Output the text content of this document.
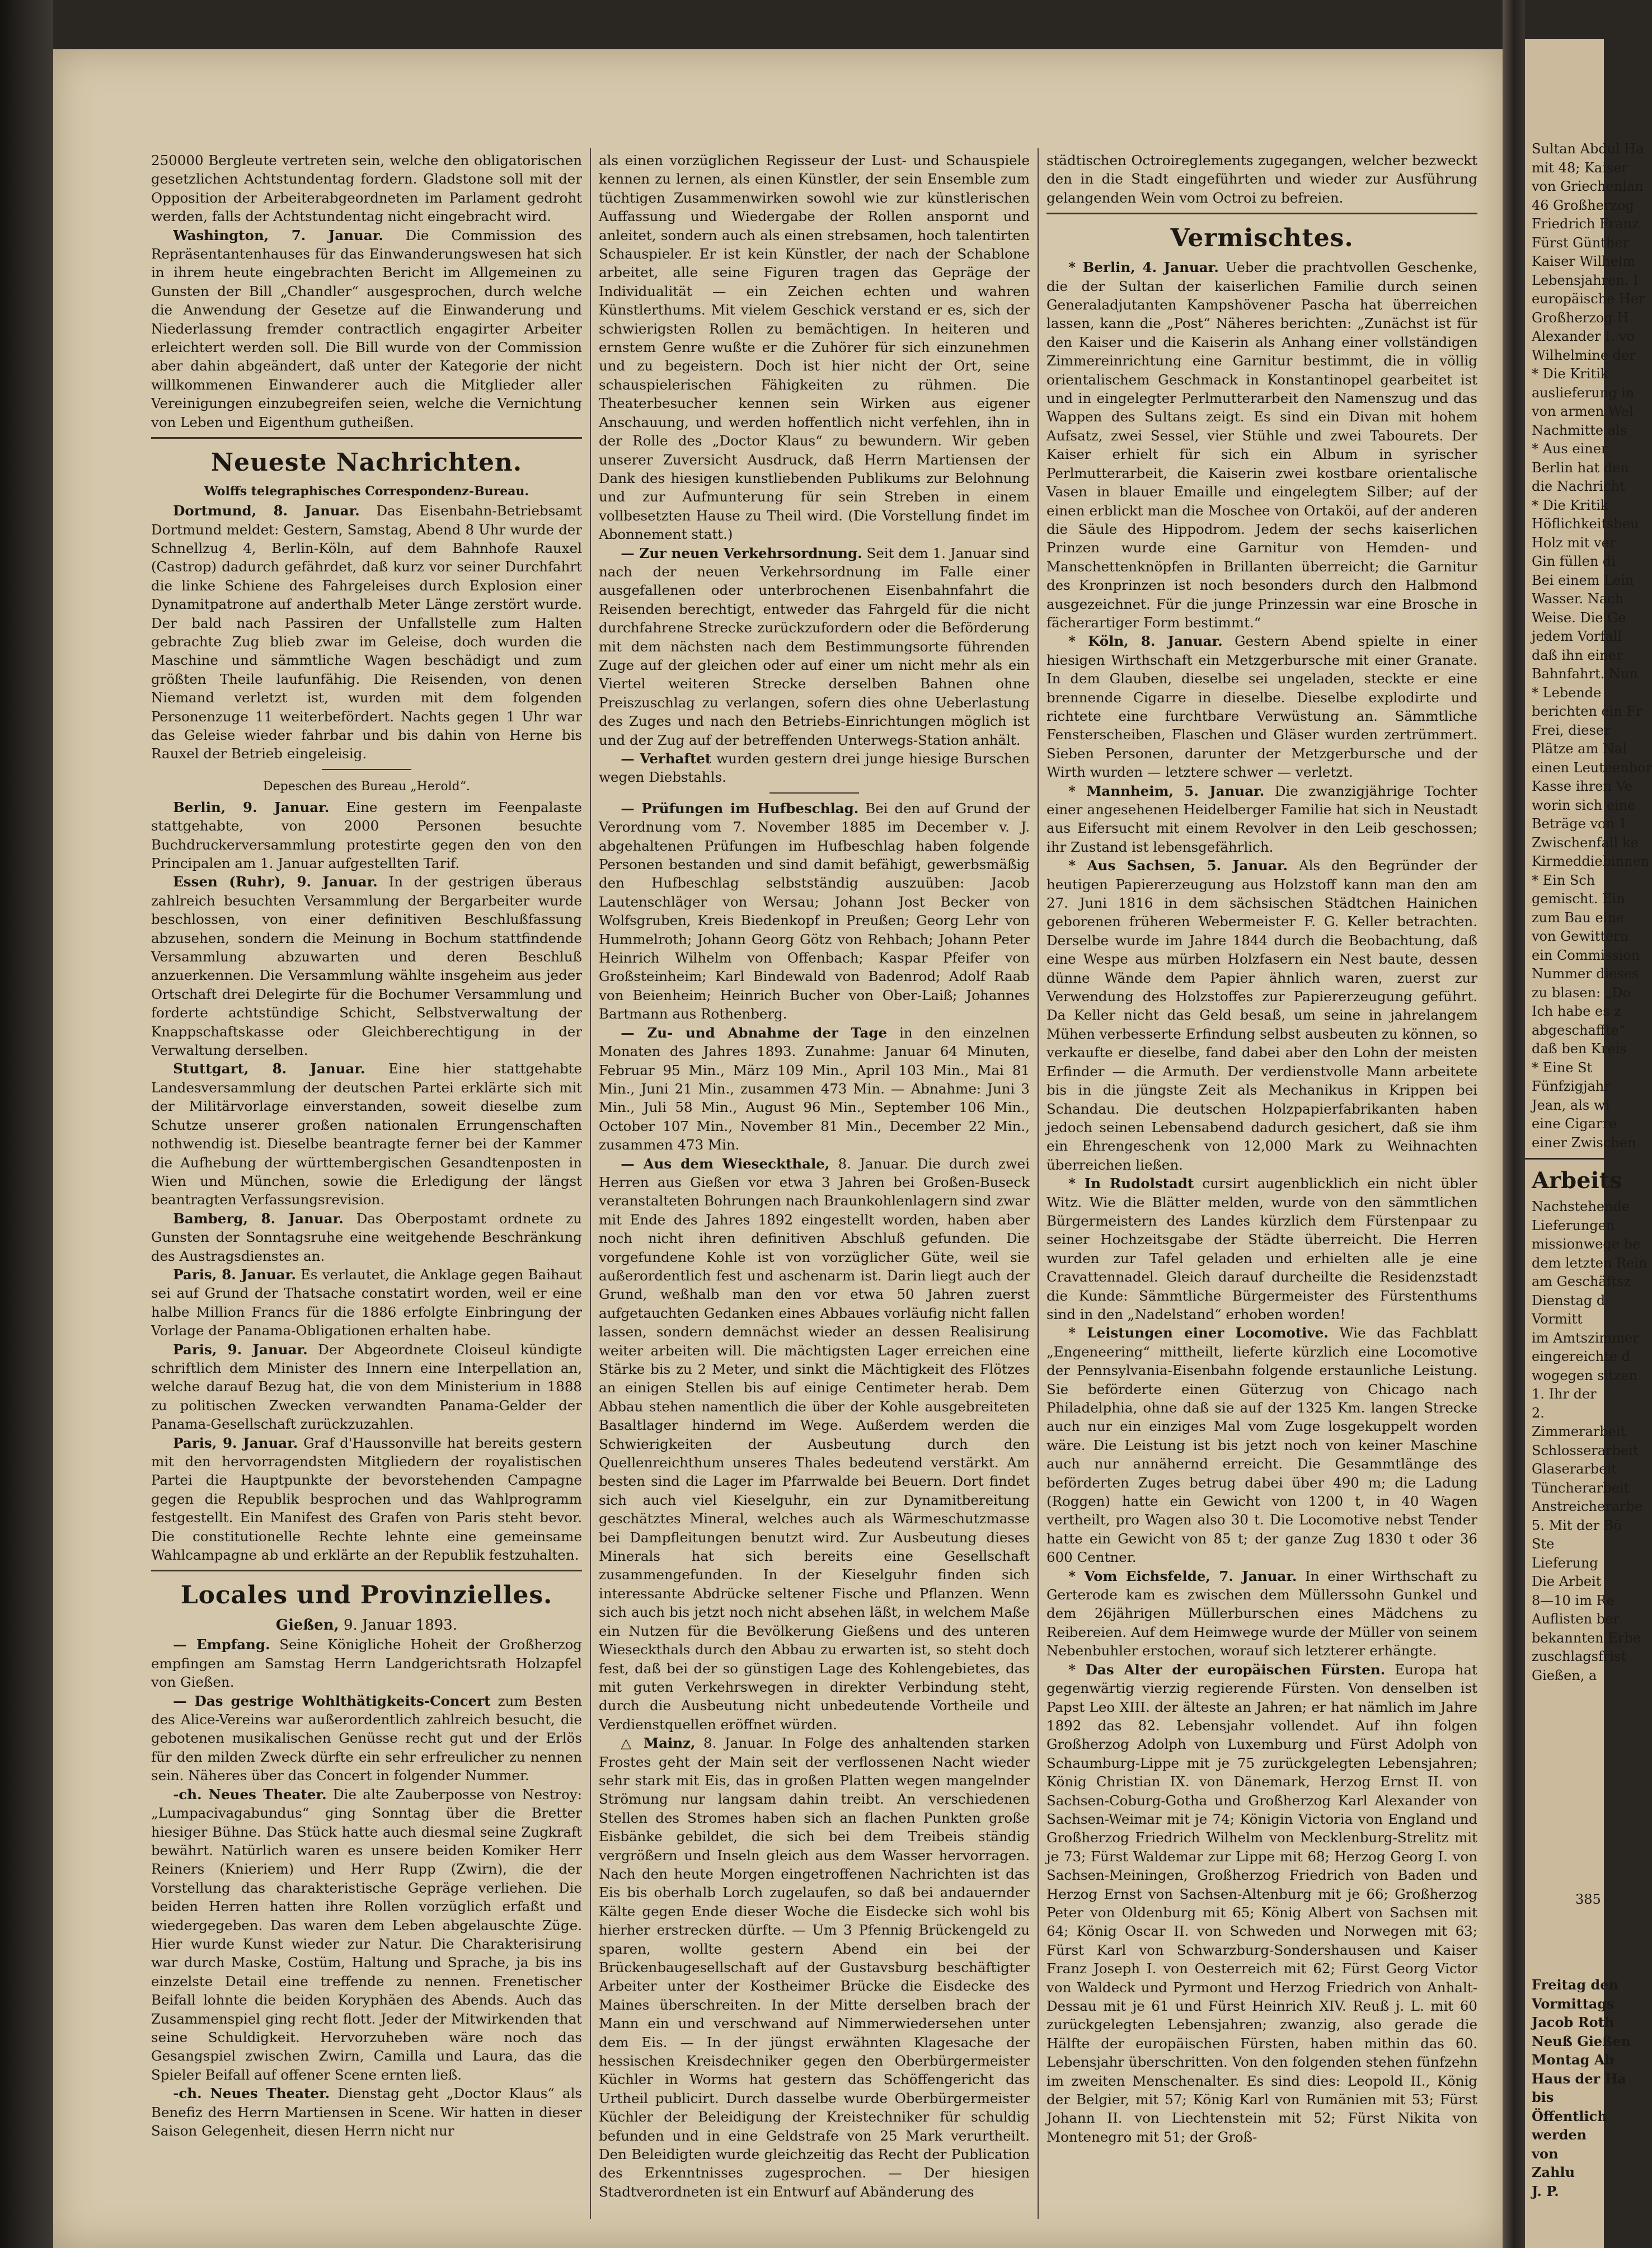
250000 Bergleute vertreten sein, welche den obligatorischen gesetzlichen Achtstundentag fordern. Gladstone soll mit der Opposition der Arbeiterabgeordneten im Parlament gedroht werden, falls der Achtstundentag nicht eingebracht wird.

Washington, 7. Januar. Die Commission des Repräsentantenhauses für das Einwanderungswesen hat sich in ihrem heute eingebrachten Bericht im Allgemeinen zu Gunsten der Bill „Chandler“ ausgesprochen, durch welche die Anwendung der Gesetze auf die Einwanderung und Niederlassung fremder contractlich engagirter Arbeiter erleichtert werden soll. Die Bill wurde von der Commission aber dahin abgeändert, daß unter der Kategorie der nicht willkommenen Einwanderer auch die Mitglieder aller Vereinigungen einzubegreifen seien, welche die Vernichtung von Leben und Eigenthum gutheißen.

Neueste Nachrichten.
Wolffs telegraphisches Correspondenz-Bureau.

Dortmund, 8. Januar. Das Eisenbahn-Betriebsamt Dortmund meldet: Gestern, Samstag, Abend 8 Uhr wurde der Schnellzug 4, Berlin-Köln, auf dem Bahnhofe Rauxel (Castrop) dadurch gefährdet, daß kurz vor seiner Durchfahrt die linke Schiene des Fahrgeleises durch Explosion einer Dynamitpatrone auf anderthalb Meter Länge zerstört wurde. Der bald nach Passiren der Unfallstelle zum Halten gebrachte Zug blieb zwar im Geleise, doch wurden die Maschine und sämmtliche Wagen beschädigt und zum größten Theile laufunfähig. Die Reisenden, von denen Niemand verletzt ist, wurden mit dem folgenden Personenzuge 11 weiterbefördert. Nachts gegen 1 Uhr war das Geleise wieder fahrbar und bis dahin von Herne bis Rauxel der Betrieb eingeleisig.

Depeschen des Bureau „Herold“.

Berlin, 9. Januar. Eine gestern im Feenpalaste stattgehabte, von 2000 Personen besuchte Buchdruckerversammlung protestirte gegen den von den Principalen am 1. Januar aufgestellten Tarif.

Essen (Ruhr), 9. Januar. In der gestrigen überaus zahlreich besuchten Versammlung der Bergarbeiter wurde beschlossen, von einer definitiven Beschlußfassung abzusehen, sondern die Meinung in Bochum stattfindende Versammlung abzuwarten und deren Beschluß anzuerkennen. Die Versammlung wählte insgeheim aus jeder Ortschaft drei Delegirte für die Bochumer Versammlung und forderte achtstündige Schicht, Selbstverwaltung der Knappschaftskasse oder Gleichberechtigung in der Verwaltung derselben.

Stuttgart, 8. Januar. Eine hier stattgehabte Landesversammlung der deutschen Partei erklärte sich mit der Militärvorlage einverstanden, soweit dieselbe zum Schutze unserer großen nationalen Errungenschaften nothwendig ist. Dieselbe beantragte ferner bei der Kammer die Aufhebung der württembergischen Gesandtenposten in Wien und München, sowie die Erledigung der längst beantragten Verfassungsrevision.

Bamberg, 8. Januar. Das Oberpostamt ordnete zu Gunsten der Sonntagsruhe eine weitgehende Beschränkung des Austragsdienstes an.

Paris, 8. Januar. Es verlautet, die Anklage gegen Baihaut sei auf Grund der Thatsache constatirt worden, weil er eine halbe Million Francs für die 1886 erfolgte Einbringung der Vorlage der Panama-Obligationen erhalten habe.

Paris, 9. Januar. Der Abgeordnete Cloiseul kündigte schriftlich dem Minister des Innern eine Interpellation an, welche darauf Bezug hat, die von dem Ministerium in 1888 zu politischen Zwecken verwandten Panama-Gelder der Panama-Gesellschaft zurückzuzahlen.

Paris, 9. Januar. Graf d'Haussonville hat bereits gestern mit den hervorragendsten Mitgliedern der royalistischen Partei die Hauptpunkte der bevorstehenden Campagne gegen die Republik besprochen und das Wahlprogramm festgestellt. Ein Manifest des Grafen von Paris steht bevor. Die constitutionelle Rechte lehnte eine gemeinsame Wahlcampagne ab und erklärte an der Republik festzuhalten.

Locales und Provinzielles.
Gießen, 9. Januar 1893.

— Empfang. Seine Königliche Hoheit der Großherzog empfingen am Samstag Herrn Landgerichtsrath Holzapfel von Gießen.

— Das gestrige Wohlthätigkeits-Concert zum Besten des Alice-Vereins war außerordentlich zahlreich besucht, die gebotenen musikalischen Genüsse recht gut und der Erlös für den milden Zweck dürfte ein sehr erfreulicher zu nennen sein. Näheres über das Concert in folgender Nummer.

-ch. Neues Theater. Die alte Zauberposse von Nestroy: „Lumpacivagabundus“ ging Sonntag über die Bretter hiesiger Bühne. Das Stück hatte auch diesmal seine Zugkraft bewährt. Natürlich waren es unsere beiden Komiker Herr Reiners (Knieriem) und Herr Rupp (Zwirn), die der Vorstellung das charakteristische Gepräge verliehen. Die beiden Herren hatten ihre Rollen vorzüglich erfaßt und wiedergegeben. Das waren dem Leben abgelauschte Züge. Hier wurde Kunst wieder zur Natur. Die Charakterisirung war durch Maske, Costüm, Haltung und Sprache, ja bis ins einzelste Detail eine treffende zu nennen. Frenetischer Beifall lohnte die beiden Koryphäen des Abends. Auch das Zusammenspiel ging recht flott. Jeder der Mitwirkenden that seine Schuldigkeit. Hervorzuheben wäre noch das Gesangspiel zwischen Zwirn, Camilla und Laura, das die Spieler Beifall auf offener Scene ernten ließ.

-ch. Neues Theater. Dienstag geht „Doctor Klaus“ als Benefiz des Herrn Martiensen in Scene. Wir hatten in dieser Saison Gelegenheit, diesen Herrn nicht nur

als einen vorzüglichen Regisseur der Lust- und Schauspiele kennen zu lernen, als einen Künstler, der sein Ensemble zum tüchtigen Zusammenwirken sowohl wie zur künstlerischen Auffassung und Wiedergabe der Rollen anspornt und anleitet, sondern auch als einen strebsamen, hoch talentirten Schauspieler. Er ist kein Künstler, der nach der Schablone arbeitet, alle seine Figuren tragen das Gepräge der Individualität — ein Zeichen echten und wahren Künstlerthums. Mit vielem Geschick verstand er es, sich der schwierigsten Rollen zu bemächtigen. In heiteren und ernstem Genre wußte er die Zuhörer für sich einzunehmen und zu begeistern. Doch ist hier nicht der Ort, seine schauspielerischen Fähigkeiten zu rühmen. Die Theaterbesucher kennen sein Wirken aus eigener Anschauung, und werden hoffentlich nicht verfehlen, ihn in der Rolle des „Doctor Klaus“ zu bewundern. Wir geben unserer Zuversicht Ausdruck, daß Herrn Martiensen der Dank des hiesigen kunstliebenden Publikums zur Belohnung und zur Aufmunterung für sein Streben in einem vollbesetzten Hause zu Theil wird. (Die Vorstellung findet im Abonnement statt.)

— Zur neuen Verkehrsordnung. Seit dem 1. Januar sind nach der neuen Verkehrsordnung im Falle einer ausgefallenen oder unterbrochenen Eisenbahnfahrt die Reisenden berechtigt, entweder das Fahrgeld für die nicht durchfahrene Strecke zurückzufordern oder die Beförderung mit dem nächsten nach dem Bestimmungsorte führenden Zuge auf der gleichen oder auf einer um nicht mehr als ein Viertel weiteren Strecke derselben Bahnen ohne Preiszuschlag zu verlangen, sofern dies ohne Ueberlastung des Zuges und nach den Betriebs-Einrichtungen möglich ist und der Zug auf der betreffenden Unterwegs-Station anhält.

— Verhaftet wurden gestern drei junge hiesige Burschen wegen Diebstahls.

— Prüfungen im Hufbeschlag. Bei den auf Grund der Verordnung vom 7. November 1885 im December v. J. abgehaltenen Prüfungen im Hufbeschlag haben folgende Personen bestanden und sind damit befähigt, gewerbsmäßig den Hufbeschlag selbstständig auszuüben: Jacob Lautenschläger von Wersau; Johann Jost Becker von Wolfsgruben, Kreis Biedenkopf in Preußen; Georg Lehr von Hummelroth; Johann Georg Götz von Rehbach; Johann Peter Heinrich Wilhelm von Offenbach; Kaspar Pfeifer von Großsteinheim; Karl Bindewald von Badenrod; Adolf Raab von Beienheim; Heinrich Bucher von Ober-Laiß; Johannes Bartmann aus Rothenberg.

— Zu- und Abnahme der Tage in den einzelnen Monaten des Jahres 1893. Zunahme: Januar 64 Minuten, Februar 95 Min., März 109 Min., April 103 Min., Mai 81 Min., Juni 21 Min., zusammen 473 Min. — Abnahme: Juni 3 Min., Juli 58 Min., August 96 Min., September 106 Min., October 107 Min., November 81 Min., December 22 Min., zusammen 473 Min.

— Aus dem Wieseckthale, 8. Januar. Die durch zwei Herren aus Gießen vor etwa 3 Jahren bei Großen-Buseck veranstalteten Bohrungen nach Braunkohlenlagern sind zwar mit Ende des Jahres 1892 eingestellt worden, haben aber noch nicht ihren definitiven Abschluß gefunden. Die vorgefundene Kohle ist von vorzüglicher Güte, weil sie außerordentlich fest und aschenarm ist. Darin liegt auch der Grund, weßhalb man den vor etwa 50 Jahren zuerst aufgetauchten Gedanken eines Abbaues vorläufig nicht fallen lassen, sondern demnächst wieder an dessen Realisirung weiter arbeiten will. Die mächtigsten Lager erreichen eine Stärke bis zu 2 Meter, und sinkt die Mächtigkeit des Flötzes an einigen Stellen bis auf einige Centimeter herab. Dem Abbau stehen namentlich die über der Kohle ausgebreiteten Basaltlager hindernd im Wege. Außerdem werden die Schwierigkeiten der Ausbeutung durch den Quellenreichthum unseres Thales bedeutend verstärkt. Am besten sind die Lager im Pfarrwalde bei Beuern. Dort findet sich auch viel Kieselguhr, ein zur Dynamitbereitung geschätztes Mineral, welches auch als Wärmeschutzmasse bei Dampfleitungen benutzt wird. Zur Ausbeutung dieses Minerals hat sich bereits eine Gesellschaft zusammengefunden. In der Kieselguhr finden sich interessante Abdrücke seltener Fische und Pflanzen. Wenn sich auch bis jetzt noch nicht absehen läßt, in welchem Maße ein Nutzen für die Bevölkerung Gießens und des unteren Wieseckthals durch den Abbau zu erwarten ist, so steht doch fest, daß bei der so günstigen Lage des Kohlengebietes, das mit guten Verkehrswegen in direkter Verbindung steht, durch die Ausbeutung nicht unbedeutende Vortheile und Verdienstquellen eröffnet würden.

△ Mainz, 8. Januar. In Folge des anhaltenden starken Frostes geht der Main seit der verflossenen Nacht wieder sehr stark mit Eis, das in großen Platten wegen mangelnder Strömung nur langsam dahin treibt. An verschiedenen Stellen des Stromes haben sich an flachen Punkten große Eisbänke gebildet, die sich bei dem Treibeis ständig vergrößern und Inseln gleich aus dem Wasser hervorragen. Nach den heute Morgen eingetroffenen Nachrichten ist das Eis bis oberhalb Lorch zugelaufen, so daß bei andauernder Kälte gegen Ende dieser Woche die Eisdecke sich wohl bis hierher erstrecken dürfte. — Um 3 Pfennig Brückengeld zu sparen, wollte gestern Abend ein bei der Brückenbaugesellschaft auf der Gustavsburg beschäftigter Arbeiter unter der Kostheimer Brücke die Eisdecke des Maines überschreiten. In der Mitte derselben brach der Mann ein und verschwand auf Nimmerwiedersehen unter dem Eis. — In der jüngst erwähnten Klagesache der hessischen Kreisdechniker gegen den Oberbürgermeister Küchler in Worms hat gestern das Schöffengericht das Urtheil publicirt. Durch dasselbe wurde Oberbürgermeister Küchler der Beleidigung der Kreistechniker für schuldig befunden und in eine Geldstrafe von 25 Mark verurtheilt. Den Beleidigten wurde gleichzeitig das Recht der Publication des Erkenntnisses zugesprochen. — Der hiesigen Stadtverordneten ist ein Entwurf auf Abänderung des

städtischen Octroireglements zugegangen, welcher bezweckt den in die Stadt eingeführten und wieder zur Ausführung gelangenden Wein vom Octroi zu befreien.

Vermischtes.

* Berlin, 4. Januar. Ueber die prachtvollen Geschenke, die der Sultan der kaiserlichen Familie durch seinen Generaladjutanten Kampshövener Pascha hat überreichen lassen, kann die „Post“ Näheres berichten: „Zunächst ist für den Kaiser und die Kaiserin als Anhang einer vollständigen Zimmereinrichtung eine Garnitur bestimmt, die in völlig orientalischem Geschmack in Konstantinopel gearbeitet ist und in eingelegter Perlmutterarbeit den Namenszug und das Wappen des Sultans zeigt. Es sind ein Divan mit hohem Aufsatz, zwei Sessel, vier Stühle und zwei Tabourets. Der Kaiser erhielt für sich ein Album in syrischer Perlmutterarbeit, die Kaiserin zwei kostbare orientalische Vasen in blauer Emaille und eingelegtem Silber; auf der einen erblickt man die Moschee von Ortaköi, auf der anderen die Säule des Hippodrom. Jedem der sechs kaiserlichen Prinzen wurde eine Garnitur von Hemden- und Manschettenknöpfen in Brillanten überreicht; die Garnitur des Kronprinzen ist noch besonders durch den Halbmond ausgezeichnet. Für die junge Prinzessin war eine Brosche in fächerartiger Form bestimmt.“

* Köln, 8. Januar. Gestern Abend spielte in einer hiesigen Wirthschaft ein Metzgerbursche mit einer Granate. In dem Glauben, dieselbe sei ungeladen, steckte er eine brennende Cigarre in dieselbe. Dieselbe explodirte und richtete eine furchtbare Verwüstung an. Sämmtliche Fensterscheiben, Flaschen und Gläser wurden zertrümmert. Sieben Personen, darunter der Metzgerbursche und der Wirth wurden — letztere schwer — verletzt.

* Mannheim, 5. Januar. Die zwanzigjährige Tochter einer angesehenen Heidelberger Familie hat sich in Neustadt aus Eifersucht mit einem Revolver in den Leib geschossen; ihr Zustand ist lebensgefährlich.

* Aus Sachsen, 5. Januar. Als den Begründer der heutigen Papiererzeugung aus Holzstoff kann man den am 27. Juni 1816 in dem sächsischen Städtchen Hainichen geborenen früheren Webermeister F. G. Keller betrachten. Derselbe wurde im Jahre 1844 durch die Beobachtung, daß eine Wespe aus mürben Holzfasern ein Nest baute, dessen dünne Wände dem Papier ähnlich waren, zuerst zur Verwendung des Holzstoffes zur Papiererzeugung geführt. Da Keller nicht das Geld besaß, um seine in jahrelangem Mühen verbesserte Erfindung selbst ausbeuten zu können, so verkaufte er dieselbe, fand dabei aber den Lohn der meisten Erfinder — die Armuth. Der verdienstvolle Mann arbeitete bis in die jüngste Zeit als Mechanikus in Krippen bei Schandau. Die deutschen Holzpapierfabrikanten haben jedoch seinen Lebensabend dadurch gesichert, daß sie ihm ein Ehrengeschenk von 12,000 Mark zu Weihnachten überreichen ließen.

* In Rudolstadt cursirt augenblicklich ein nicht übler Witz. Wie die Blätter melden, wurde von den sämmtlichen Bürgermeistern des Landes kürzlich dem Fürstenpaar zu seiner Hochzeitsgabe der Städte überreicht. Die Herren wurden zur Tafel geladen und erhielten alle je eine Cravattennadel. Gleich darauf durcheilte die Residenzstadt die Kunde: Sämmtliche Bürgermeister des Fürstenthums sind in den „Nadelstand“ erhoben worden!

* Leistungen einer Locomotive. Wie das Fachblatt „Engeneering“ mittheilt, lieferte kürzlich eine Locomotive der Pennsylvania-Eisenbahn folgende erstaunliche Leistung. Sie beförderte einen Güterzug von Chicago nach Philadelphia, ohne daß sie auf der 1325 Km. langen Strecke auch nur ein einziges Mal vom Zuge losgekuppelt worden wäre. Die Leistung ist bis jetzt noch von keiner Maschine auch nur annähernd erreicht. Die Gesammtlänge des beförderten Zuges betrug dabei über 490 m; die Ladung (Roggen) hatte ein Gewicht von 1200 t, in 40 Wagen vertheilt, pro Wagen also 30 t. Die Locomotive nebst Tender hatte ein Gewicht von 85 t; der ganze Zug 1830 t oder 36 600 Centner.

* Vom Eichsfelde, 7. Januar. In einer Wirthschaft zu Gerterode kam es zwischen dem Müllerssohn Gunkel und dem 26jährigen Müllerburschen eines Mädchens zu Reibereien. Auf dem Heimwege wurde der Müller von seinem Nebenbuhler erstochen, worauf sich letzterer erhängte.

* Das Alter der europäischen Fürsten. Europa hat gegenwärtig vierzig regierende Fürsten. Von denselben ist Papst Leo XIII. der älteste an Jahren; er hat nämlich im Jahre 1892 das 82. Lebensjahr vollendet. Auf ihn folgen Großherzog Adolph von Luxemburg und Fürst Adolph von Schaumburg-Lippe mit je 75 zurückgelegten Lebensjahren; König Christian IX. von Dänemark, Herzog Ernst II. von Sachsen-Coburg-Gotha und Großherzog Karl Alexander von Sachsen-Weimar mit je 74; Königin Victoria von England und Großherzog Friedrich Wilhelm von Mecklenburg-Strelitz mit je 73; Fürst Waldemar zur Lippe mit 68; Herzog Georg I. von Sachsen-Meiningen, Großherzog Friedrich von Baden und Herzog Ernst von Sachsen-Altenburg mit je 66; Großherzog Peter von Oldenburg mit 65; König Albert von Sachsen mit 64; König Oscar II. von Schweden und Norwegen mit 63; Fürst Karl von Schwarzburg-Sondershausen und Kaiser Franz Joseph I. von Oesterreich mit 62; Fürst Georg Victor von Waldeck und Pyrmont und Herzog Friedrich von Anhalt-Dessau mit je 61 und Fürst Heinrich XIV. Reuß j. L. mit 60 zurückgelegten Lebensjahren; zwanzig, also gerade die Hälfte der europäischen Fürsten, haben mithin das 60. Lebensjahr überschritten. Von den folgenden stehen fünfzehn im zweiten Menschenalter. Es sind dies: Leopold II., König der Belgier, mit 57; König Karl von Rumänien mit 53; Fürst Johann II. von Liechtenstein mit 52; Fürst Nikita von Montenegro mit 51; der Groß-

Sultan Abdul Ha
mit 48; Kaiser
von Griechenlan
46 Großherzog
Friedrich Franz
Fürst Günther
Kaiser Wilhelm
Lebensjahren. I
europäische Her
Großherzog H
Alexander I. vo
Wilhelmine der
* Die Kritik
auslieferung in
von armen Wel
Nachmitte als
* Aus einer
Berlin hat den
die Nachricht
* Die Kritik
Höflichkeitsbeu
Holz mit ver
Gin füllen di
Bei einem Lein
Wasser. Nach
Weise. Die Ge
jedem Vorfall
daß ihn einer
Bahnfahrt. Nun
* Lebende
berichten ein Fr
Frei, dieser
Plätze am Nal
einen Leuteenbor
Kasse ihren Ve
worin sich eine
Beträge von 1
Zwischenfall ke
Kirmeddiebinnen
* Ein Sch
gemischt. Ein
zum Bau eine
von Gewittern
ein Commission
Nummer dieses
zu blasen: „Do
Ich habe es z
abgeschaffte“
daß ben Kreis
* Eine St
Fünfzigjahr
Jean, als wi
eine Cigarre
einer Zwischen
Arbeits
Nachstehende
Lieferungen
missionwege be
dem letzten Rein
am Geschäftsz
Dienstag d
Vormitt
im Amtszimmer
eingereichte d
wogegen sitzen
1. Ihr der
2.
Zimmerarbeit
Schlosserarbeit
Glaserarbeit
Tüncherarbeit
Anstreicherarbe
5. Mit der Bö
Ste
Lieferung
Die Arbeit
8—10 im Re
Auflisten ber
bekannten Erbe
zuschlagsfrist
Gießen, a
385
Freitag den
Vormittags
Jacob Roth
Neuß Gießen
Montag Ab
Haus der Ha
bis
Öffentlich
werden
von
Zahlu
J. P.
